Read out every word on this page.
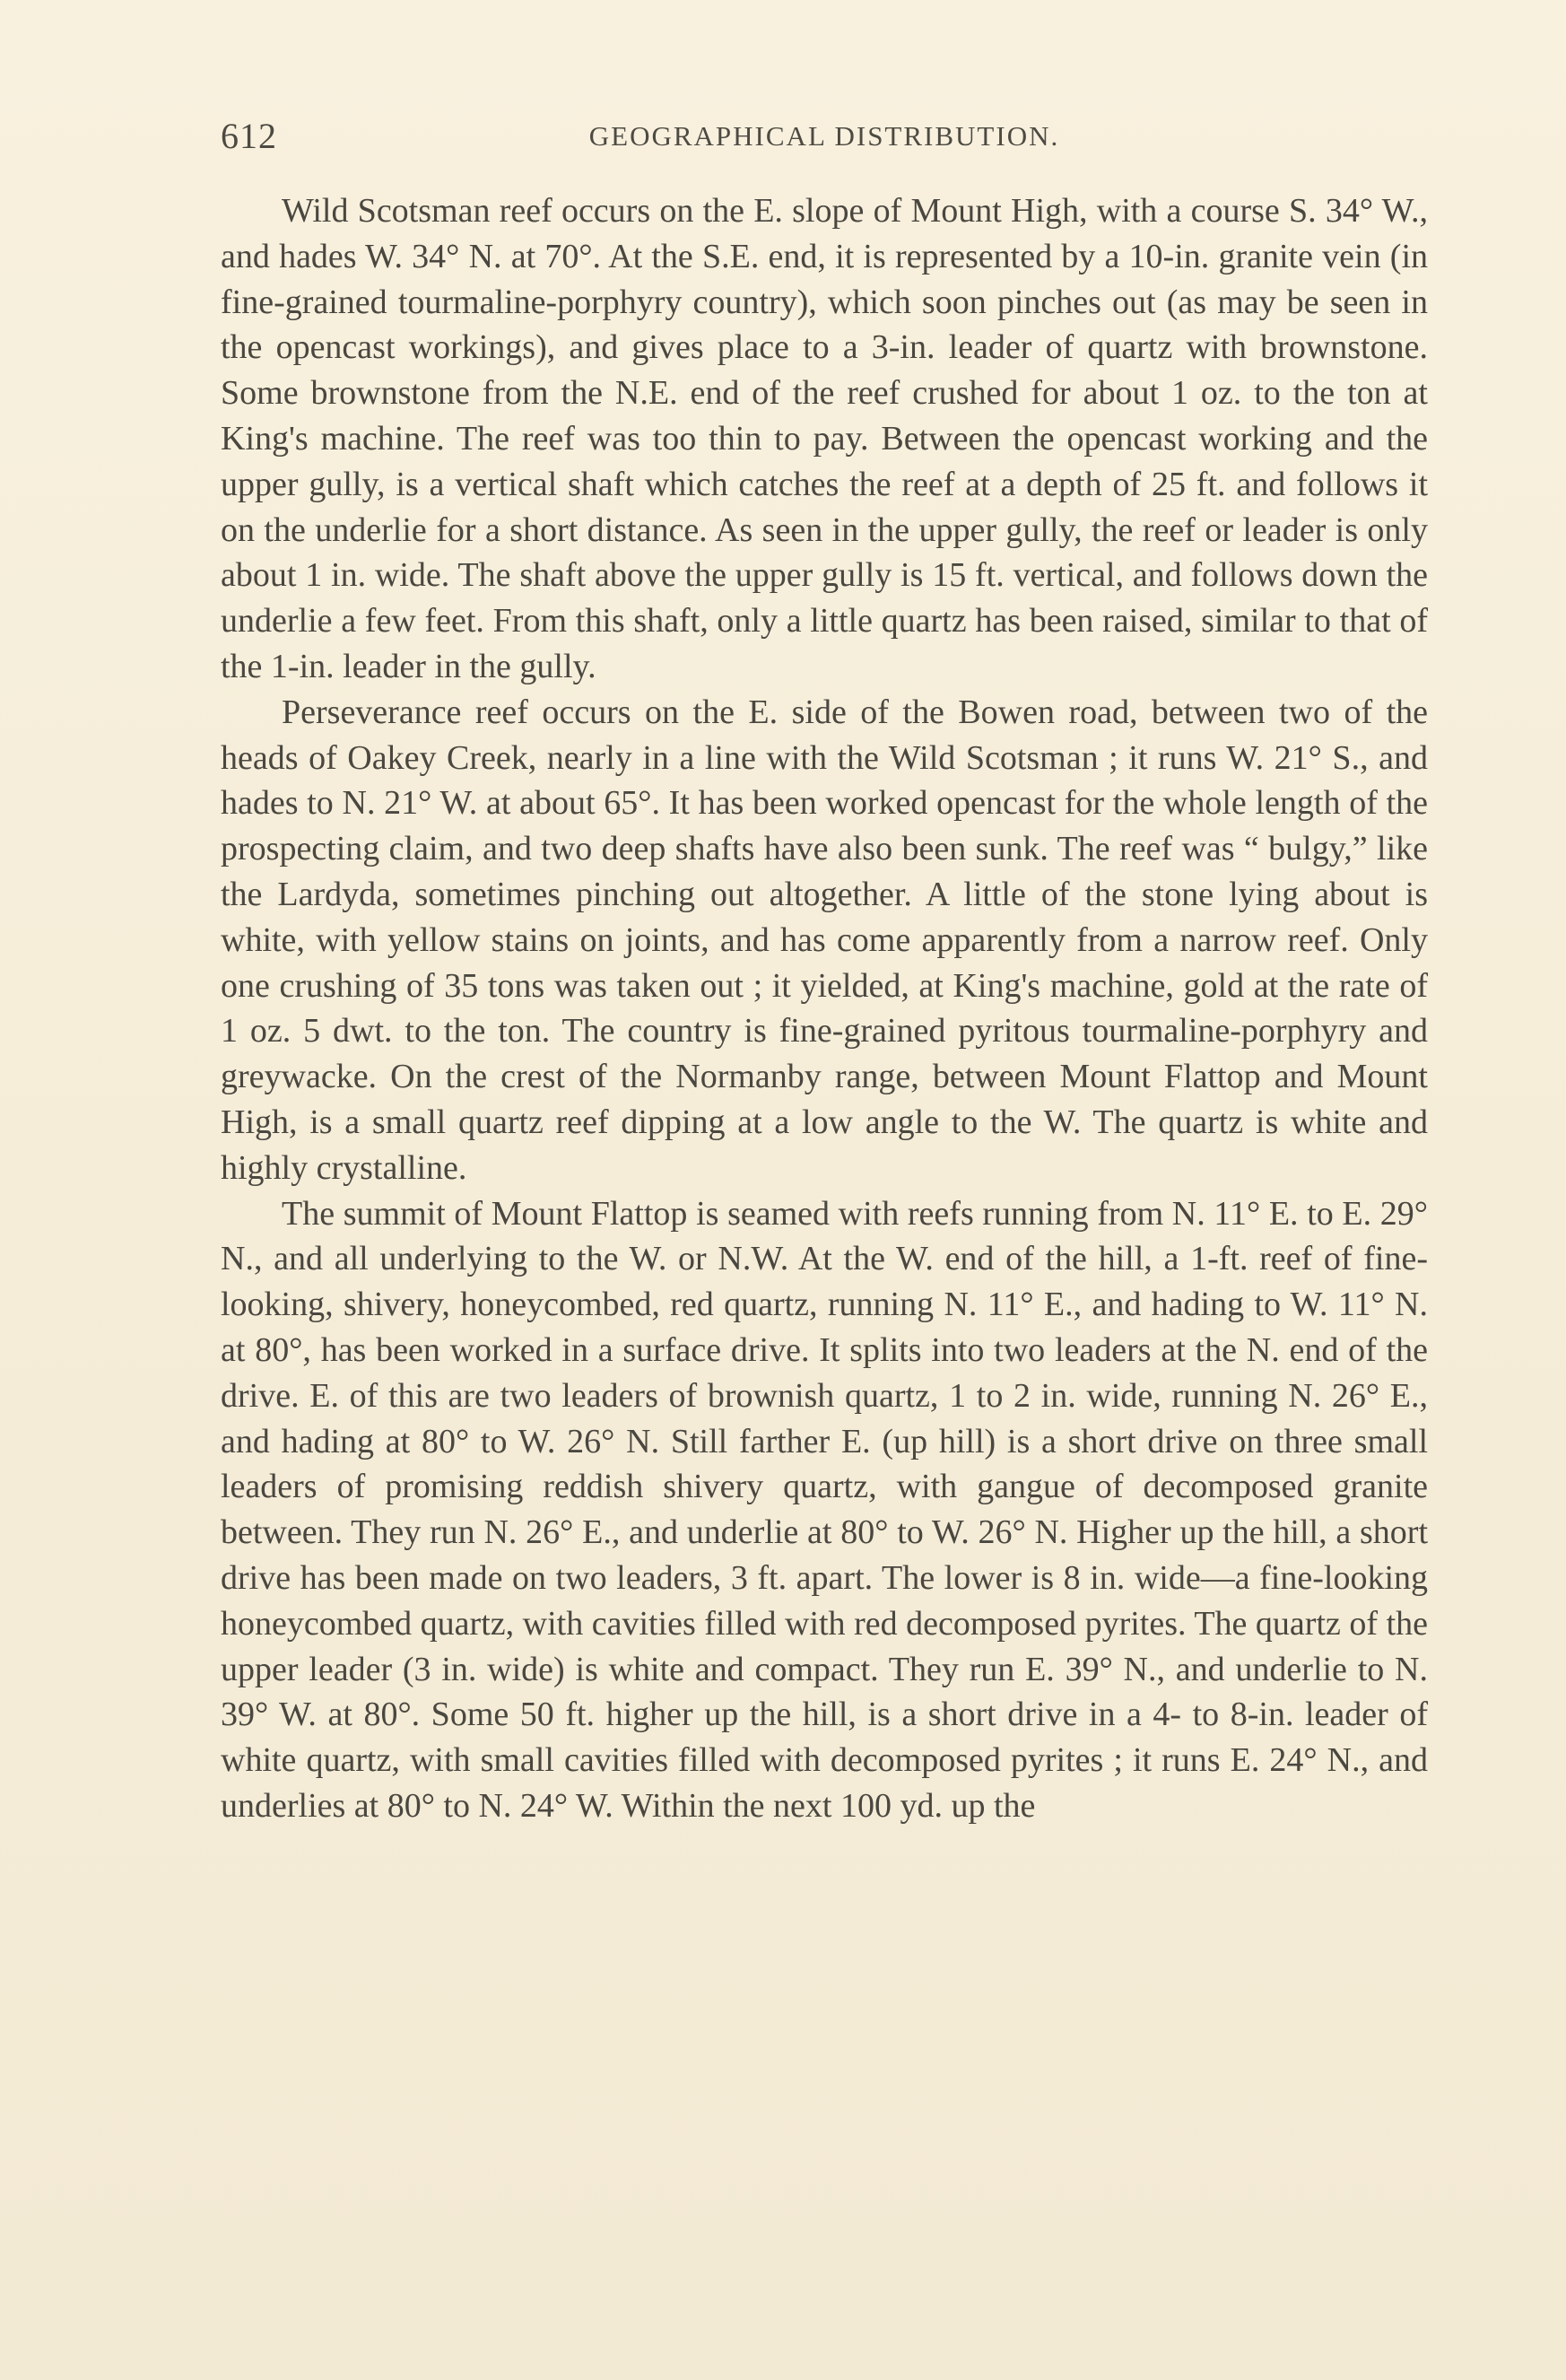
612	GEOGRAPHICAL DISTRIBUTION.

Wild Scotsman reef occurs on the E. slope of Mount High, with a course S. 34° W., and hades W. 34° N. at 70°. At the S.E. end, it is represented by a 10-in. granite vein (in fine-grained tourmaline-porphyry country), which soon pinches out (as may be seen in the opencast workings), and gives place to a 3-in. leader of quartz with brownstone. Some brownstone from the N.E. end of the reef crushed for about 1 oz. to the ton at King's machine. The reef was too thin to pay. Between the opencast working and the upper gully, is a vertical shaft which catches the reef at a depth of 25 ft. and follows it on the underlie for a short distance. As seen in the upper gully, the reef or leader is only about 1 in. wide. The shaft above the upper gully is 15 ft. vertical, and follows down the underlie a few feet. From this shaft, only a little quartz has been raised, similar to that of the 1-in. leader in the gully.

Perseverance reef occurs on the E. side of the Bowen road, between two of the heads of Oakey Creek, nearly in a line with the Wild Scotsman ; it runs W. 21° S., and hades to N. 21° W. at about 65°. It has been worked opencast for the whole length of the prospecting claim, and two deep shafts have also been sunk. The reef was “ bulgy,” like the Lardyda, sometimes pinching out altogether. A little of the stone lying about is white, with yellow stains on joints, and has come apparently from a narrow reef. Only one crushing of 35 tons was taken out ; it yielded, at King's machine, gold at the rate of 1 oz. 5 dwt. to the ton. The country is fine-grained pyritous tourmaline-porphyry and greywacke. On the crest of the Normanby range, between Mount Flattop and Mount High, is a small quartz reef dipping at a low angle to the W. The quartz is white and highly crystalline.

The summit of Mount Flattop is seamed with reefs running from N. 11° E. to E. 29° N., and all underlying to the W. or N.W. At the W. end of the hill, a 1-ft. reef of fine-looking, shivery, honeycombed, red quartz, running N. 11° E., and hading to W. 11° N. at 80°, has been worked in a surface drive. It splits into two leaders at the N. end of the drive. E. of this are two leaders of brownish quartz, 1 to 2 in. wide, running N. 26° E., and hading at 80° to W. 26° N. Still farther E. (up hill) is a short drive on three small leaders of promising reddish shivery quartz, with gangue of decomposed granite between. They run N. 26° E., and underlie at 80° to W. 26° N. Higher up the hill, a short drive has been made on two leaders, 3 ft. apart. The lower is 8 in. wide—a fine-looking honeycombed quartz, with cavities filled with red decomposed pyrites. The quartz of the upper leader (3 in. wide) is white and compact. They run E. 39° N., and underlie to N. 39° W. at 80°. Some 50 ft. higher up the hill, is a short drive in a 4- to 8-in. leader of white quartz, with small cavities filled with decomposed pyrites ; it runs E. 24° N., and underlies at 80° to N. 24° W. Within the next 100 yd. up the
